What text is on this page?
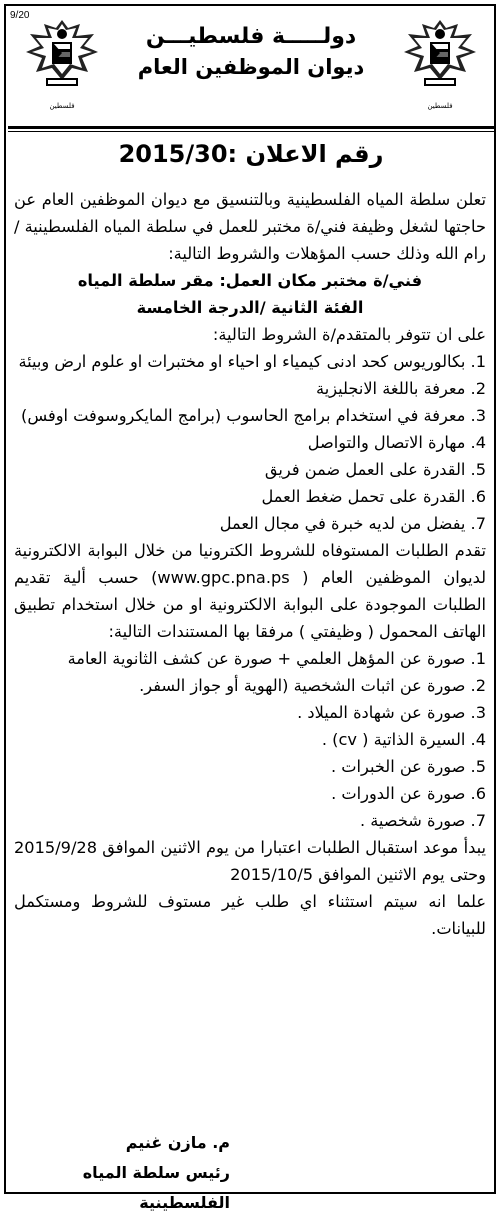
9/20
فلسطين	فلسطين
دولـــــة فلسطيـــن
ديوان الموظفين العام
رقم الاعلان :2015/30

تعلن سلطة المياه الفلسطينية وبالتنسيق مع ديوان الموظفين العام عن حاجتها لشغل وظيفة فني/ة مختبر للعمل في سلطة المياه الفلسطينية / رام الله وذلك حسب المؤهلات والشروط التالية:

فني/ة مختبر مكان العمل: مقر سلطة المياه

الفئة الثانية /الدرجة الخامسة

على ان تتوفر بالمتقدم/ة الشروط التالية:

1. بكالوريوس كحد ادنى كيمياء او احياء او مختبرات او علوم ارض وبيئة
2. معرفة باللغة الانجليزية
3. معرفة في استخدام برامج الحاسوب (برامج المايكروسوفت اوفس)
4. مهارة الاتصال والتواصل
5. القدرة على العمل ضمن فريق
6. القدرة على تحمل ضغط العمل
7. يفضل من لديه خبرة في مجال العمل

تقدم الطلبات المستوفاه للشروط الكترونيا من خلال البوابة الالكترونية لديوان الموظفين العام ( www.gpc.pna.ps) حسب ألية تقديم الطلبات الموجودة على البوابة الالكترونية او من خلال استخدام تطبيق الهاتف المحمول ( وظيفتي ) مرفقا بها المستندات التالية:

1. صورة عن المؤهل العلمي + صورة عن كشف الثانوية العامة
2. صورة عن اثبات الشخصية (الهوية أو جواز السفر.
3. صورة عن شهادة الميلاد .
4. السيرة الذاتية ( cv) .
5. صورة عن الخبرات .
6. صورة عن الدورات .
7. صورة شخصية .

يبدأ موعد استقبال الطلبات اعتبارا من يوم الاثنين الموافق 2015/9/28 وحتى يوم الاثنين الموافق 2015/10/5

علما انه سيتم استثناء اي طلب غير مستوف للشروط ومستكمل للبيانات.

م. مازن غنيم
رئيس سلطة المياه الفلسطينية
